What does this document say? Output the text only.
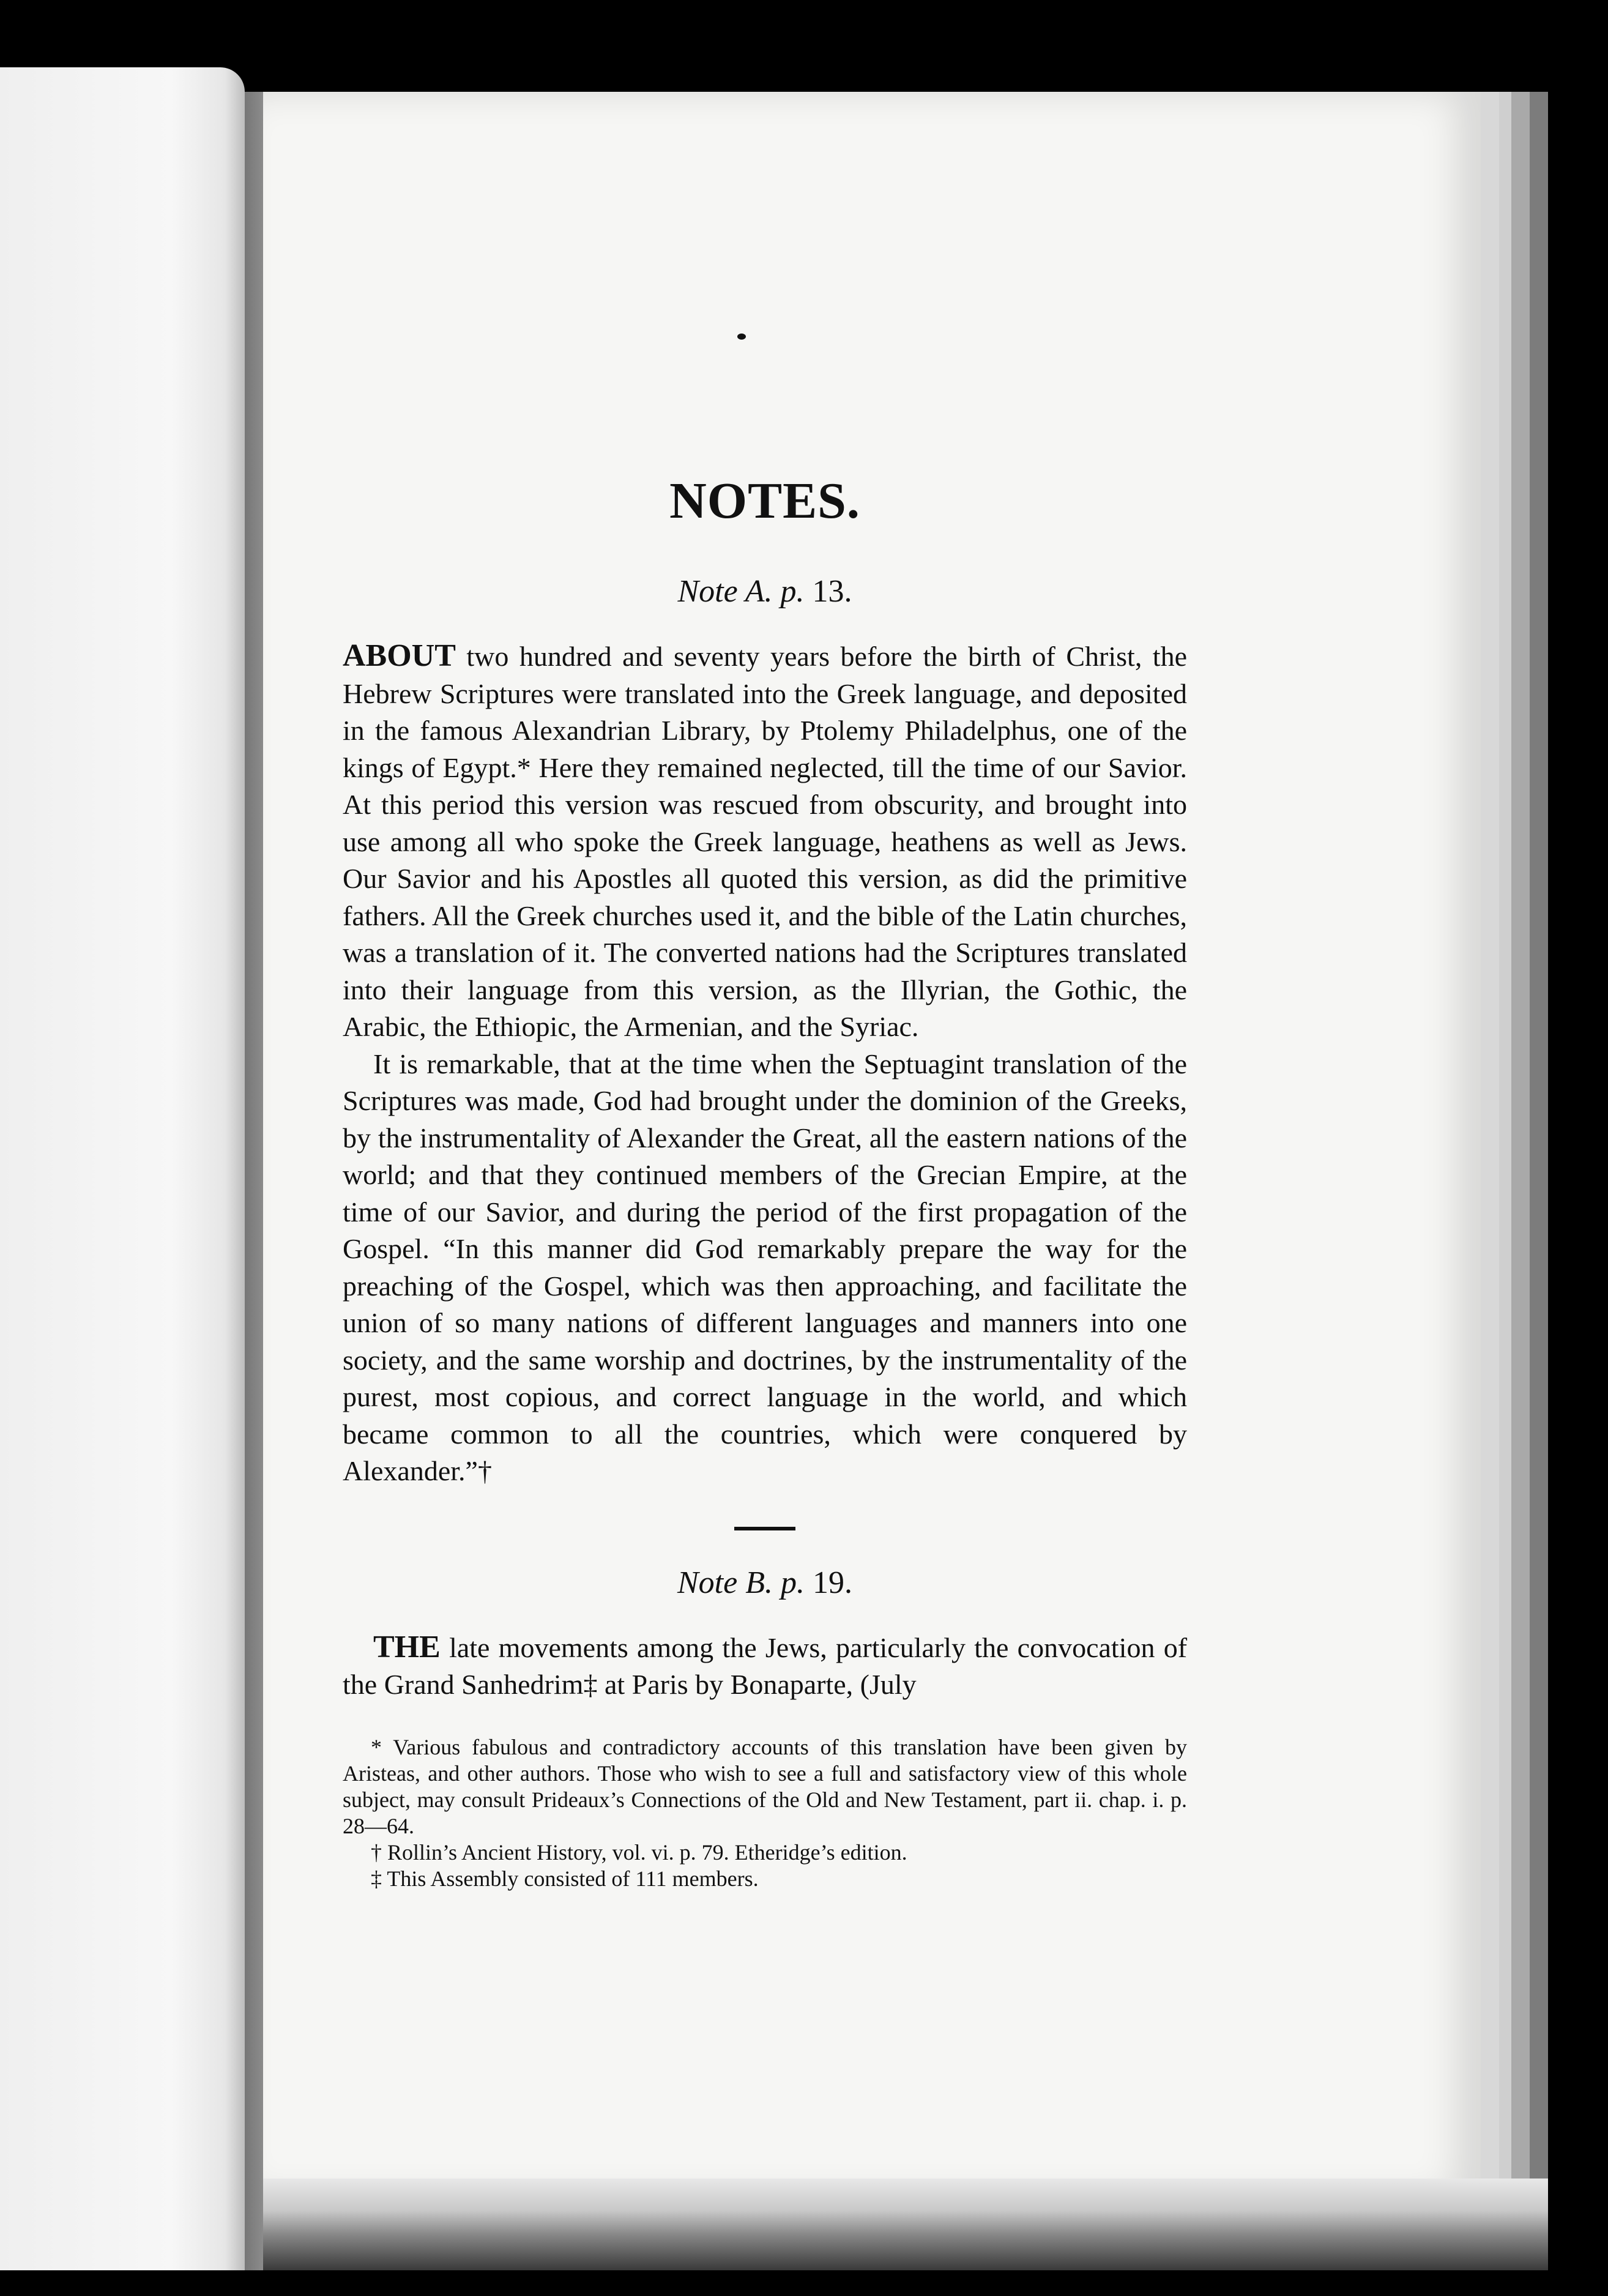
NOTES.
Note A. p. 13.

ABOUT two hundred and seventy years before the birth of Christ, the Hebrew Scriptures were translated into the Greek language, and deposited in the famous Alexandrian Library, by Ptolemy Philadelphus, one of the kings of Egypt.* Here they remained neglected, till the time of our Savior. At this period this version was rescued from obscurity, and brought into use among all who spoke the Greek language, heathens as well as Jews. Our Savior and his Apostles all quoted this version, as did the primitive fathers. All the Greek churches used it, and the bible of the Latin churches, was a translation of it. The converted nations had the Scriptures translated into their language from this version, as the Illyrian, the Gothic, the Arabic, the Ethiopic, the Armenian, and the Syriac.

It is remarkable, that at the time when the Septuagint translation of the Scriptures was made, God had brought under the dominion of the Greeks, by the instrumentality of Alexander the Great, all the eastern nations of the world; and that they continued members of the Grecian Empire, at the time of our Savior, and during the period of the first propagation of the Gospel. “In this manner did God remarkably prepare the way for the preaching of the Gospel, which was then approaching, and facilitate the union of so many nations of different languages and manners into one society, and the same worship and doctrines, by the instrumentality of the purest, most copious, and correct language in the world, and which became common to all the countries, which were conquered by Alexander.”†

Note B. p. 19.

THE late movements among the Jews, particularly the convocation of the Grand Sanhedrim‡ at Paris by Bonaparte, (July

* Various fabulous and contradictory accounts of this translation have been given by Aristeas, and other authors. Those who wish to see a full and satisfactory view of this whole subject, may consult Prideaux’s Connections of the Old and New Testament, part ii. chap. i. p. 28—64.

† Rollin’s Ancient History, vol. vi. p. 79. Etheridge’s edition.

‡ This Assembly consisted of 111 members.
